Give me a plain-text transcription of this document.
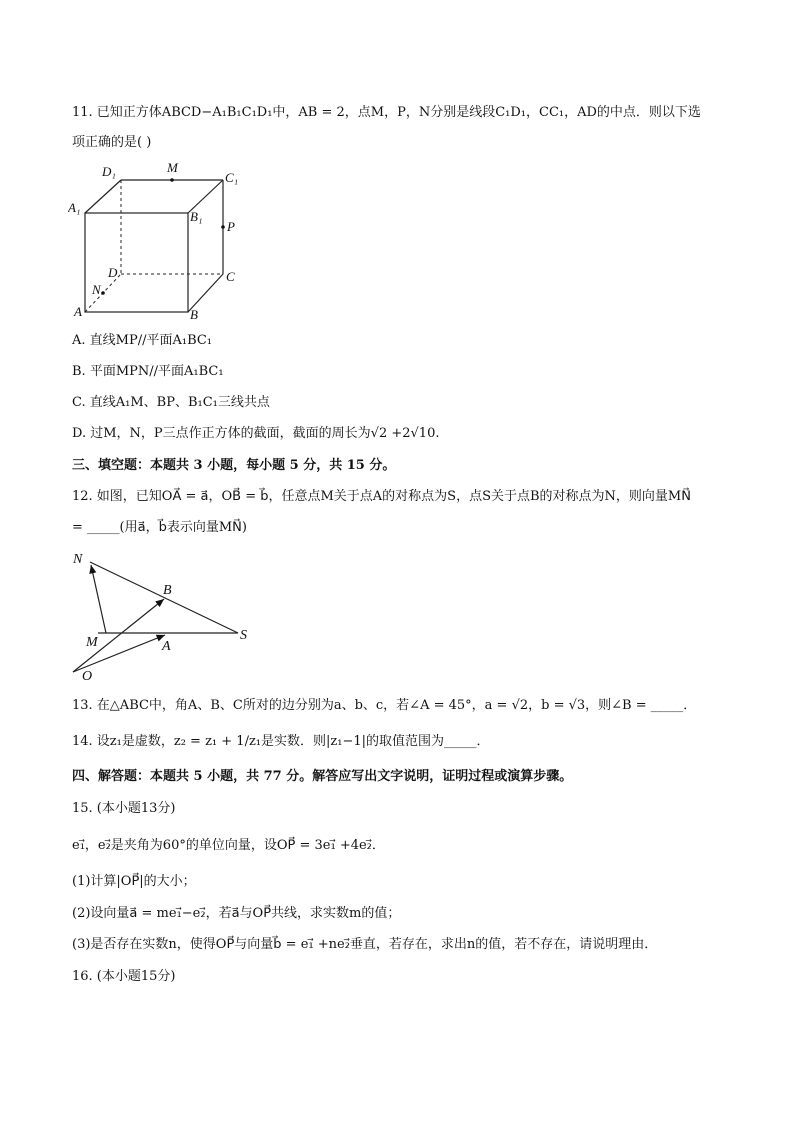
11. 已知正方体ABCD−A₁B₁C₁D₁中，AB = 2，点M，P，N分别是线段C₁D₁，CC₁，AD的中点．则以下选
项正确的是( )
D₁	M
C₁
A₁
B₁
P
D	C
N
A	B
A. 直线MP//平面A₁BC₁
B. 平面MPN//平面A₁BC₁
C. 直线A₁M、BP、B₁C₁三线共点
D. 过M，N，P三点作正方体的截面，截面的周长为√2 +2√10.
三、填空题：本题共 3 小题，每小题 5 分，共 15 分。
12. 如图，已知OA⃗ = a⃗，OB⃗ = b⃗，任意点M关于点A的对称点为S，点S关于点B的对称点为N，则向量MN⃗
= _____(用a⃗，b⃗表示向量MN⃗)
N
B
M	A
S
O
13. 在△ABC中，角A、B、C所对的边分别为a、b、c，若∠A = 45°，a = √2，b = √3，则∠B = _____．
14. 设z₁是虚数，z₂ = z₁ + 1/z₁是实数．则|z₁−1|的取值范围为_____．
四、解答题：本题共 5 小题，共 77 分。解答应写出文字说明，证明过程或演算步骤。
15. (本小题13分)
e₁⃗，e₂⃗是夹角为60°的单位向量，设OP⃗ = 3e₁⃗ +4e₂⃗．
(1)计算|OP⃗|的大小；
(2)设向量a⃗ = me₁⃗−e₂⃗，若a⃗与OP⃗共线，求实数m的值；
(3)是否存在实数n，使得OP⃗与向量b⃗ = e₁⃗ +ne₂⃗垂直，若存在，求出n的值，若不存在，请说明理由．
16. (本小题15分)
